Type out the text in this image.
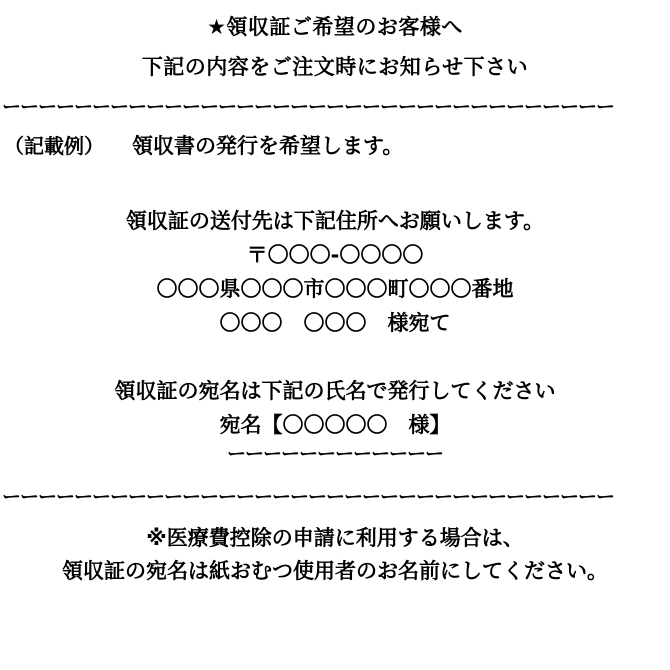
★領収証ご希望のお客様へ
下記の内容をご注文時にお知らせ下さい
ーーーーーーーーーーーーーーーーーーーーーーーーーーーーーーーーーー
（記載例） 領収書の発行を希望します。
領収証の送付先は下記住所へお願いします。
〒〇〇〇-〇〇〇〇
〇〇〇県〇〇〇市〇〇〇町〇〇〇番地
〇〇〇　〇〇〇　様宛て
領収証の宛名は下記の氏名で発行してください
宛名【〇〇〇〇〇　様】
ーーーーーーーーーーーー
ーーーーーーーーーーーーーーーーーーーーーーーーーーーーーーーーーー
※医療費控除の申請に利用する場合は、
領収証の宛名は紙おむつ使用者のお名前にしてください。
